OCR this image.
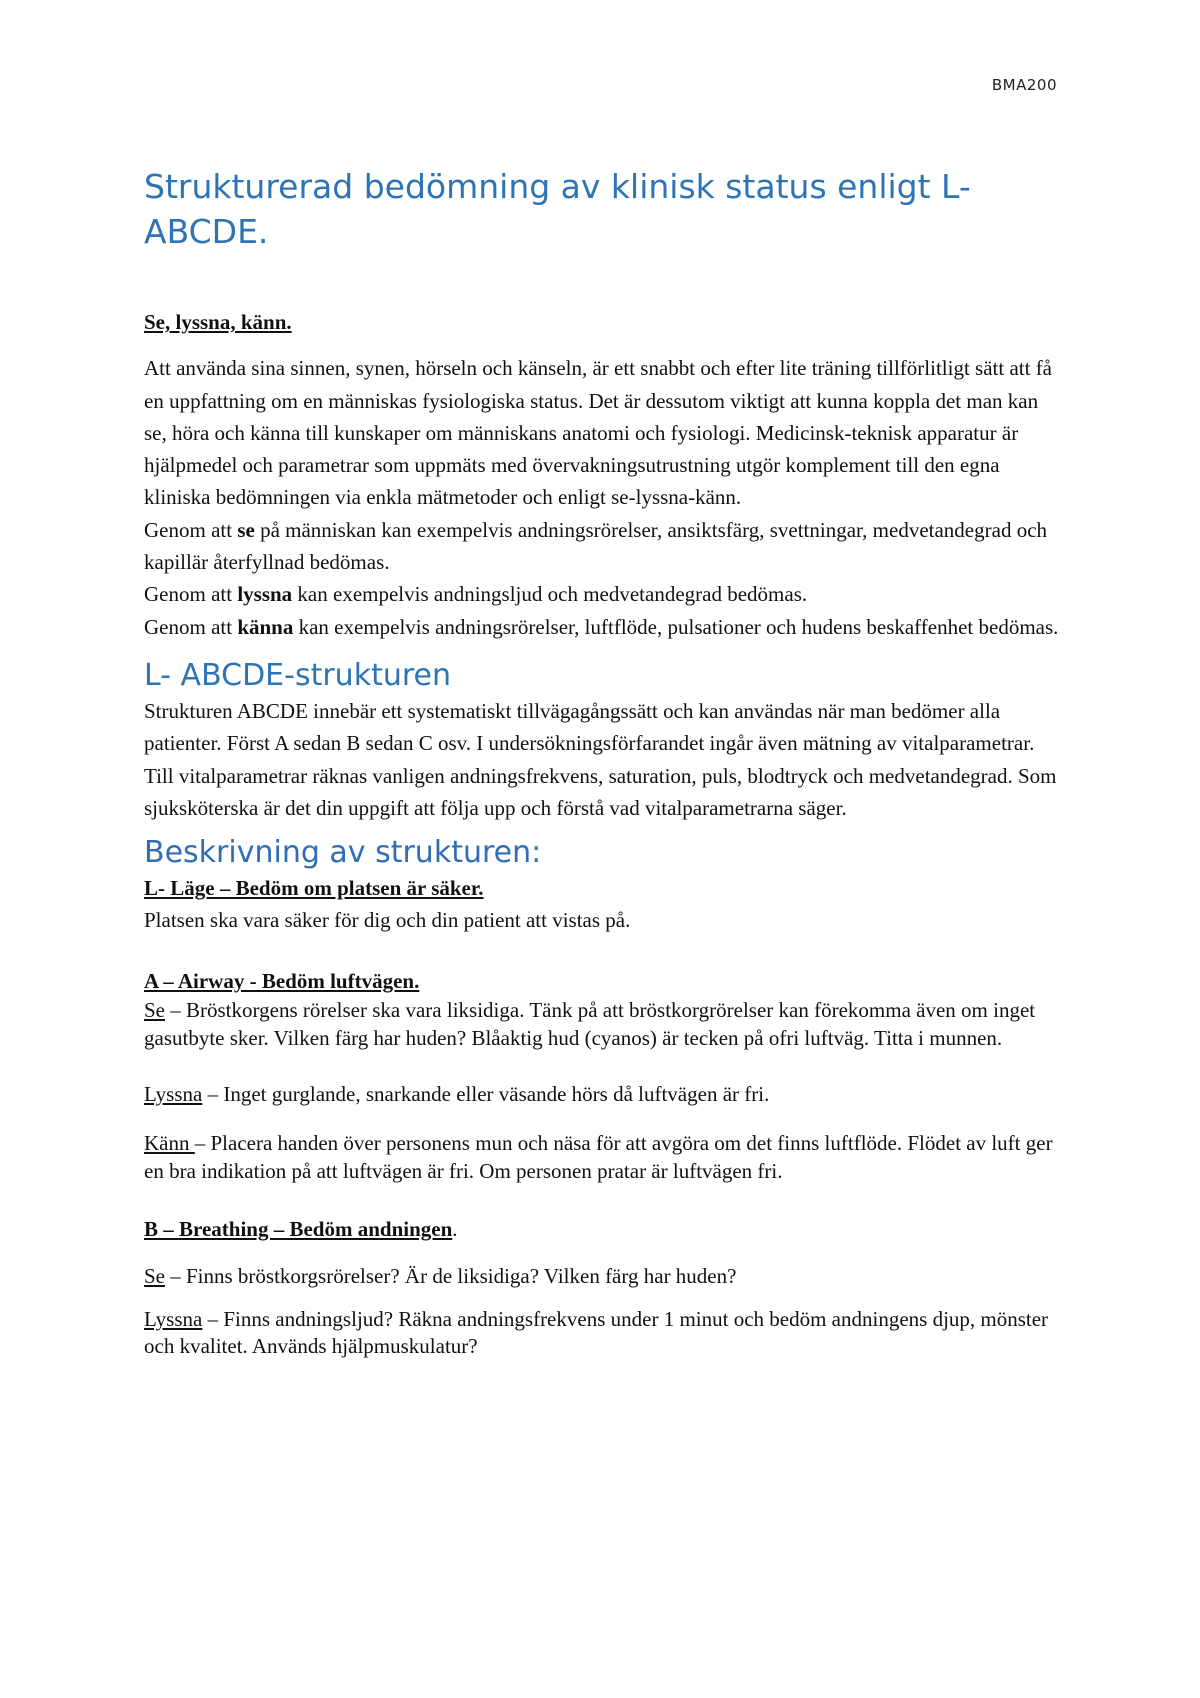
BMA200
Strukturerad bedömning av klinisk status enligt L-ABCDE.

Se, lyssna, känn.

Att använda sina sinnen, synen, hörseln och känseln, är ett snabbt och efter lite träning tillförlitligt sätt att få en uppfattning om en människas fysiologiska status. Det är dessutom viktigt att kunna koppla det man kan se, höra och känna till kunskaper om människans anatomi och fysiologi. Medicinsk-teknisk apparatur är hjälpmedel och parametrar som uppmäts med övervakningsutrustning utgör komplement till den egna kliniska bedömningen via enkla mätmetoder och enligt se-lyssna-känn.

Genom att se på människan kan exempelvis andningsrörelser, ansiktsfärg, svettningar, medvetandegrad och kapillär återfyllnad bedömas.

Genom att lyssna kan exempelvis andningsljud och medvetandegrad bedömas.

Genom att känna kan exempelvis andningsrörelser, luftflöde, pulsationer och hudens beskaffenhet bedömas.

L- ABCDE-strukturen

Strukturen ABCDE innebär ett systematiskt tillvägagångssätt och kan användas när man bedömer alla patienter. Först A sedan B sedan C osv. I undersökningsförfarandet ingår även mätning av vitalparametrar. Till vitalparametrar räknas vanligen andningsfrekvens, saturation, puls, blodtryck och medvetandegrad. Som sjuksköterska är det din uppgift att följa upp och förstå vad vitalparametrarna säger.

Beskrivning av strukturen:

L- Läge – Bedöm om platsen är säker.

Platsen ska vara säker för dig och din patient att vistas på.

A – Airway - Bedöm luftvägen.

Se – Bröstkorgens rörelser ska vara liksidiga. Tänk på att bröstkorgrörelser kan förekomma även om inget gasutbyte sker. Vilken färg har huden? Blåaktig hud (cyanos) är tecken på ofri luftväg. Titta i munnen.

Lyssna – Inget gurglande, snarkande eller väsande hörs då luftvägen är fri.

Känn – Placera handen över personens mun och näsa för att avgöra om det finns luftflöde. Flödet av luft ger en bra indikation på att luftvägen är fri. Om personen pratar är luftvägen fri.

B – Breathing – Bedöm andningen.

Se – Finns bröstkorgsrörelser? Är de liksidiga? Vilken färg har huden?

Lyssna – Finns andningsljud? Räkna andningsfrekvens under 1 minut och bedöm andningens djup, mönster och kvalitet. Används hjälpmuskulatur?
